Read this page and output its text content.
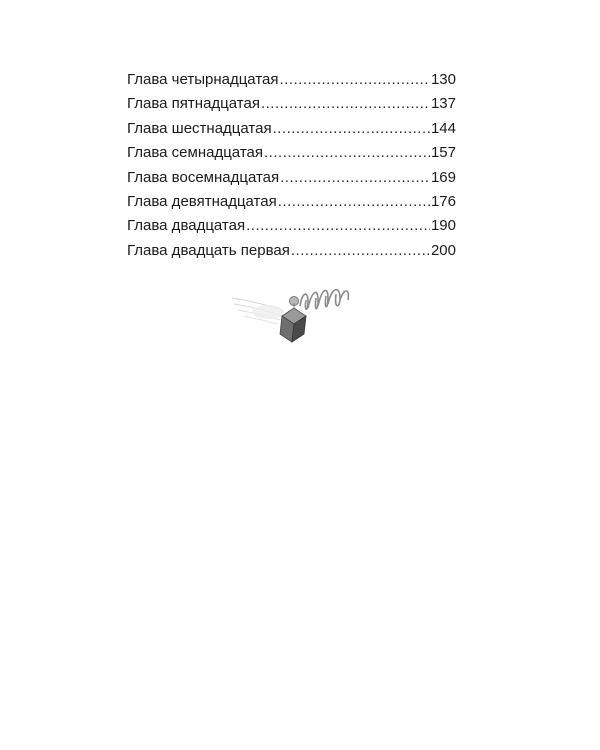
Глава четырнадцатая .....	130
Глава пятнадцатая .....	137
Глава шестнадцатая .....	144
Глава семнадцатая .....	157
Глава восемнадцатая .....	169
Глава девятнадцатая .....	176
Глава двадцатая .....	190
Глава двадцать первая .....	200
